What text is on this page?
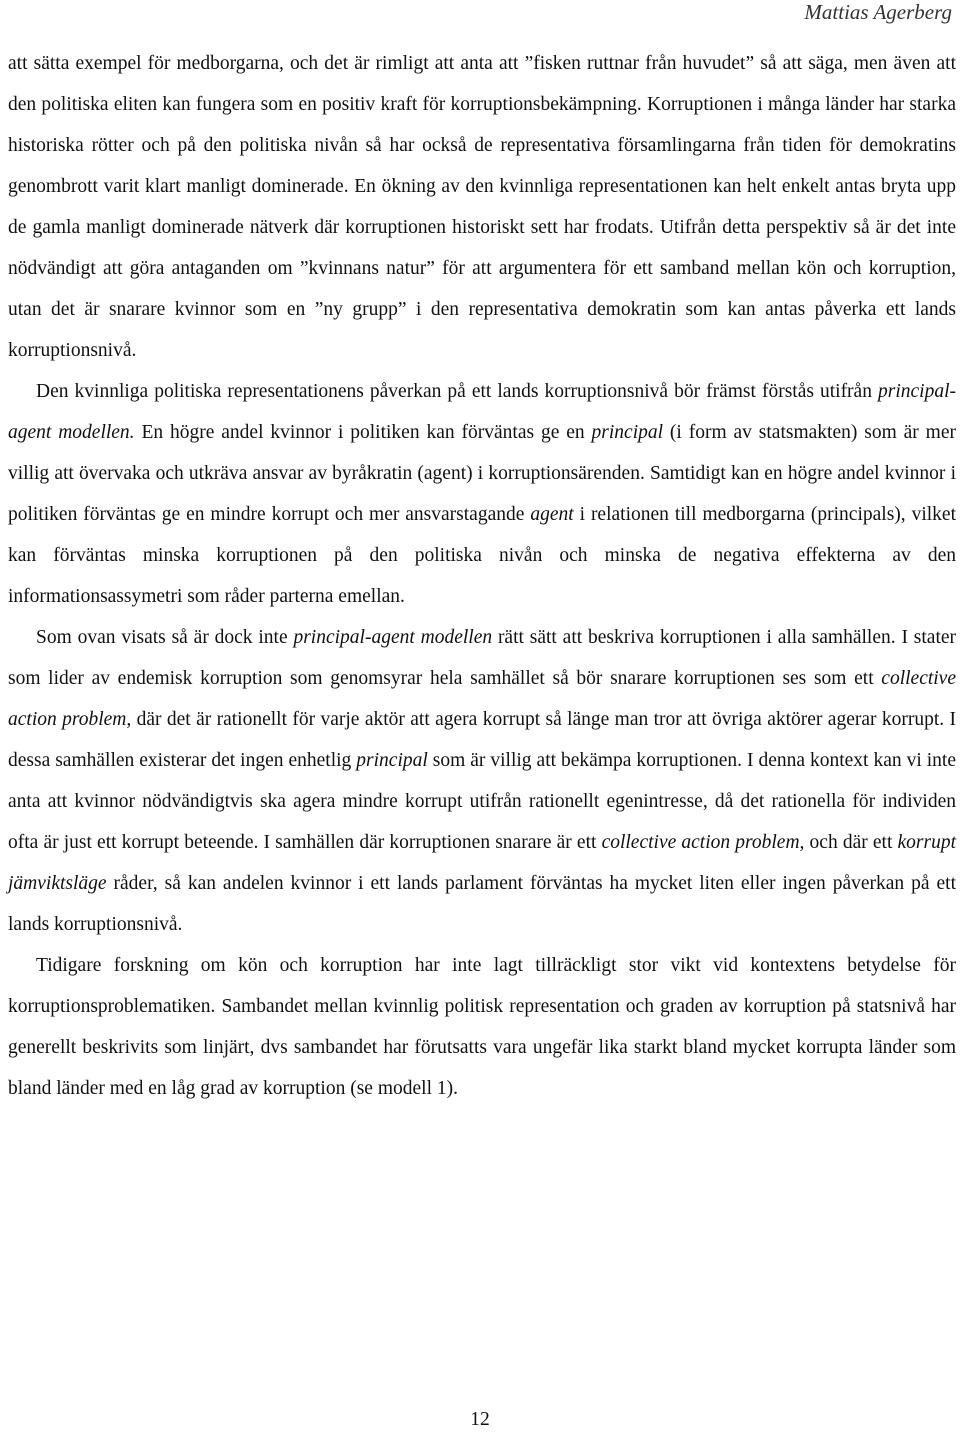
Mattias Agerberg

att sätta exempel för medborgarna, och det är rimligt att anta att ”fisken ruttnar från huvudet” så att säga, men även att den politiska eliten kan fungera som en positiv kraft för korruptionsbekämpning. Korruptionen i många länder har starka historiska rötter och på den politiska nivån så har också de representativa församlingarna från tiden för demokratins genombrott varit klart manligt dominerade. En ökning av den kvinnliga representationen kan helt enkelt antas bryta upp de gamla manligt dominerade nätverk där korruptionen historiskt sett har frodats. Utifrån detta perspektiv så är det inte nödvändigt att göra antaganden om ”kvinnans natur” för att argumentera för ett samband mellan kön och korruption, utan det är snarare kvinnor som en ”ny grupp” i den representativa demokratin som kan antas påverka ett lands korruptionsnivå.

Den kvinnliga politiska representationens påverkan på ett lands korruptionsnivå bör främst förstås utifrån principal-agent modellen. En högre andel kvinnor i politiken kan förväntas ge en principal (i form av statsmakten) som är mer villig att övervaka och utkräva ansvar av byråkratin (agent) i korruptionsärenden. Samtidigt kan en högre andel kvinnor i politiken förväntas ge en mindre korrupt och mer ansvarstagande agent i relationen till medborgarna (principals), vilket kan förväntas minska korruptionen på den politiska nivån och minska de negativa effekterna av den informationsassymetri som råder parterna emellan.

Som ovan visats så är dock inte principal-agent modellen rätt sätt att beskriva korruptionen i alla samhällen. I stater som lider av endemisk korruption som genomsyrar hela samhället så bör snarare korruptionen ses som ett collective action problem, där det är rationellt för varje aktör att agera korrupt så länge man tror att övriga aktörer agerar korrupt. I dessa samhällen existerar det ingen enhetlig principal som är villig att bekämpa korruptionen. I denna kontext kan vi inte anta att kvinnor nödvändigtvis ska agera mindre korrupt utifrån rationellt egenintresse, då det rationella för individen ofta är just ett korrupt beteende. I samhällen där korruptionen snarare är ett collective action problem, och där ett korrupt jämviktsläge råder, så kan andelen kvinnor i ett lands parlament förväntas ha mycket liten eller ingen påverkan på ett lands korruptionsnivå.

Tidigare forskning om kön och korruption har inte lagt tillräckligt stor vikt vid kontextens betydelse för korruptionsproblematiken. Sambandet mellan kvinnlig politisk representation och graden av korruption på statsnivå har generellt beskrivits som linjärt, dvs sambandet har förutsatts vara ungefär lika starkt bland mycket korrupta länder som bland länder med en låg grad av korruption (se modell 1).

12
